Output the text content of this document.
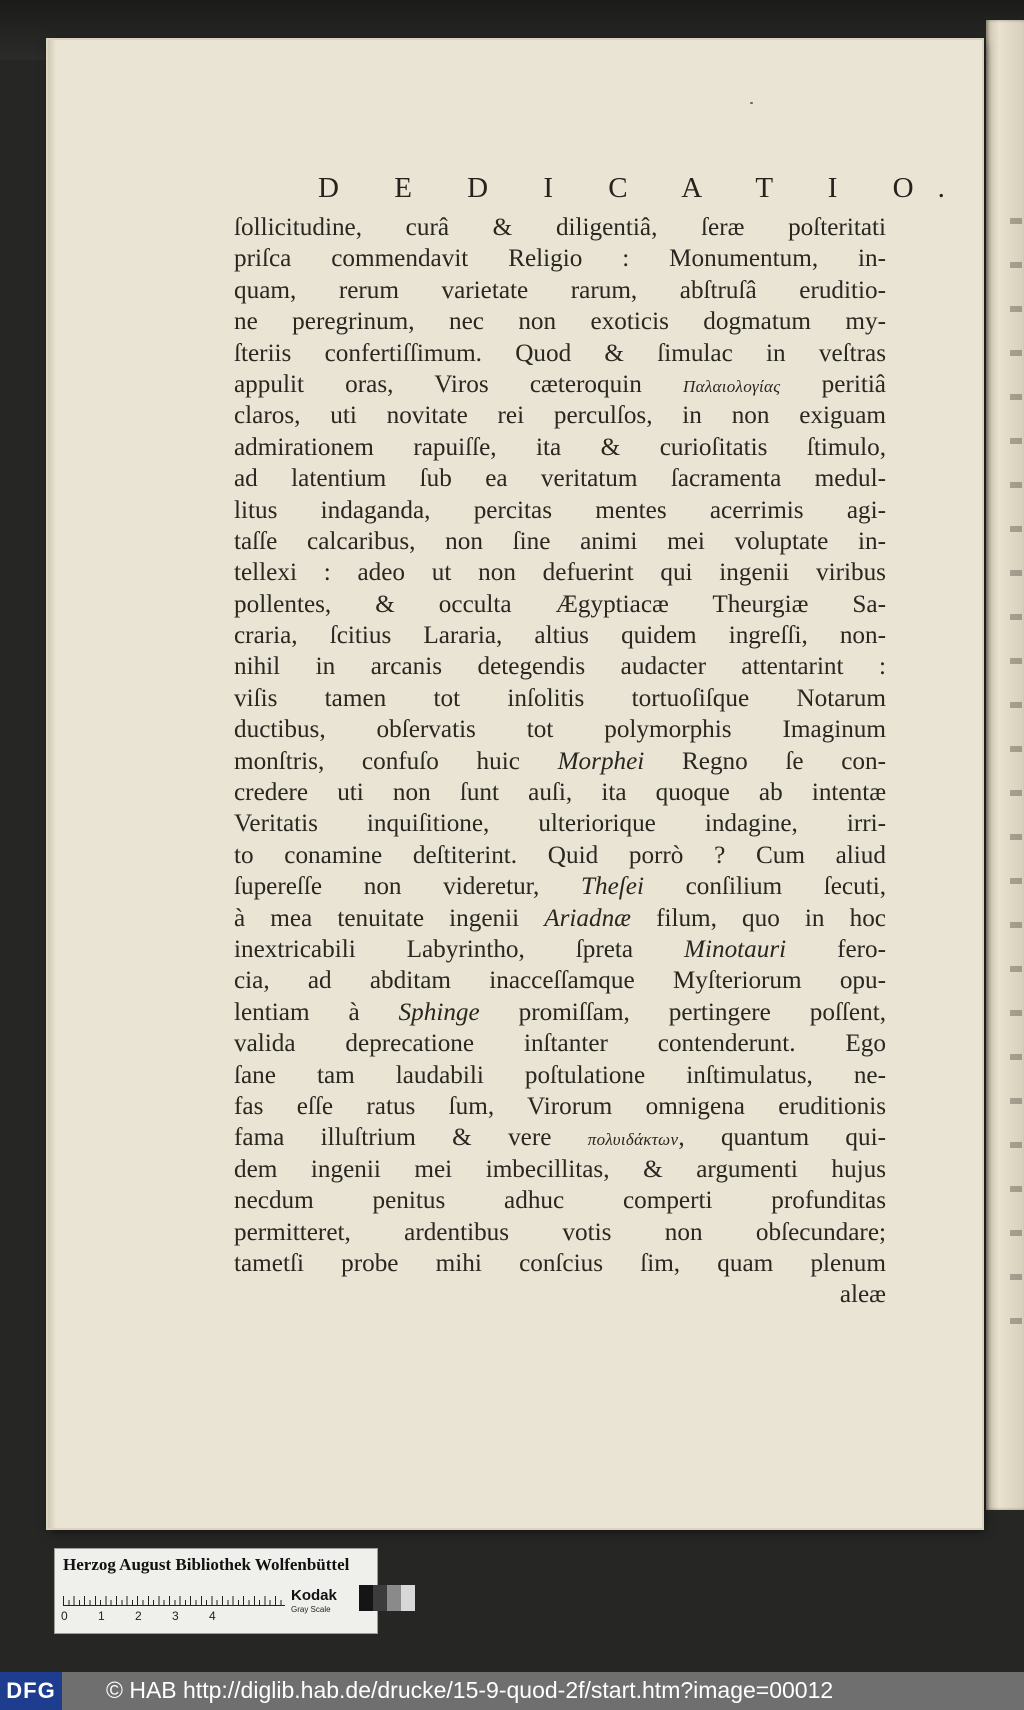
D E D I C A T I O.
ſollicitudine, curâ & diligentiâ, ſeræ poſteritati
priſca commendavit Religio : Monumentum, in-
quam, rerum varietate rarum, abſtruſâ eruditio-
ne peregrinum, nec non exoticis dogmatum my-
ſteriis confertiſſimum. Quod & ſimulac in veſtras
appulit oras, Viros cæteroquin Παλαιολογίας peritiâ
claros, uti novitate rei perculſos, in non exiguam
admirationem rapuiſſe, ita & curioſitatis ſtimulo,
ad latentium ſub ea veritatum ſacramenta medul-
litus indaganda, percitas mentes acerrimis agi-
taſſe calcaribus, non ſine animi mei voluptate in-
tellexi : adeo ut non defuerint qui ingenii viribus
pollentes, & occulta Ægyptiacæ Theurgiæ Sa-
craria, ſcitius Lararia, altius quidem ingreſſi, non-
nihil in arcanis detegendis audacter attentarint :
viſis tamen tot inſolitis tortuoſiſque Notarum
ductibus, obſervatis tot polymorphis Imaginum
monſtris, confuſo huic Morphei Regno ſe con-
credere uti non ſunt auſi, ita quoque ab intentæ
Veritatis inquiſitione, ulteriorique indagine, irri-
to conamine deſtiterint. Quid porrò ? Cum aliud
ſupereſſe non videretur, Theſei conſilium ſecuti,
à mea tenuitate ingenii Ariadnæ filum, quo in hoc
inextricabili Labyrintho, ſpreta Minotauri fero-
cia, ad abditam inacceſſamque Myſteriorum opu-
lentiam à Sphinge promiſſam, pertingere poſſent,
valida deprecatione inſtanter contenderunt. Ego
ſane tam laudabili poſtulatione inſtimulatus, ne-
fas eſſe ratus ſum, Virorum omnigena eruditionis
fama illuſtrium & vere πολυιδάκτων, quantum qui-
dem ingenii mei imbecillitas, & argumenti hujus
necdum penitus adhuc comperti profunditas
permitteret, ardentibus votis non obſecundare;
tametſi probe mihi conſcius ſim, quam plenum
aleæ
Herzog August Bibliothek Wolfenbüttel
0	1	2	3	4
Kodak
Gray Scale
DFG © HAB http://diglib.hab.de/drucke/15-9-quod-2f/start.htm?image=00012
